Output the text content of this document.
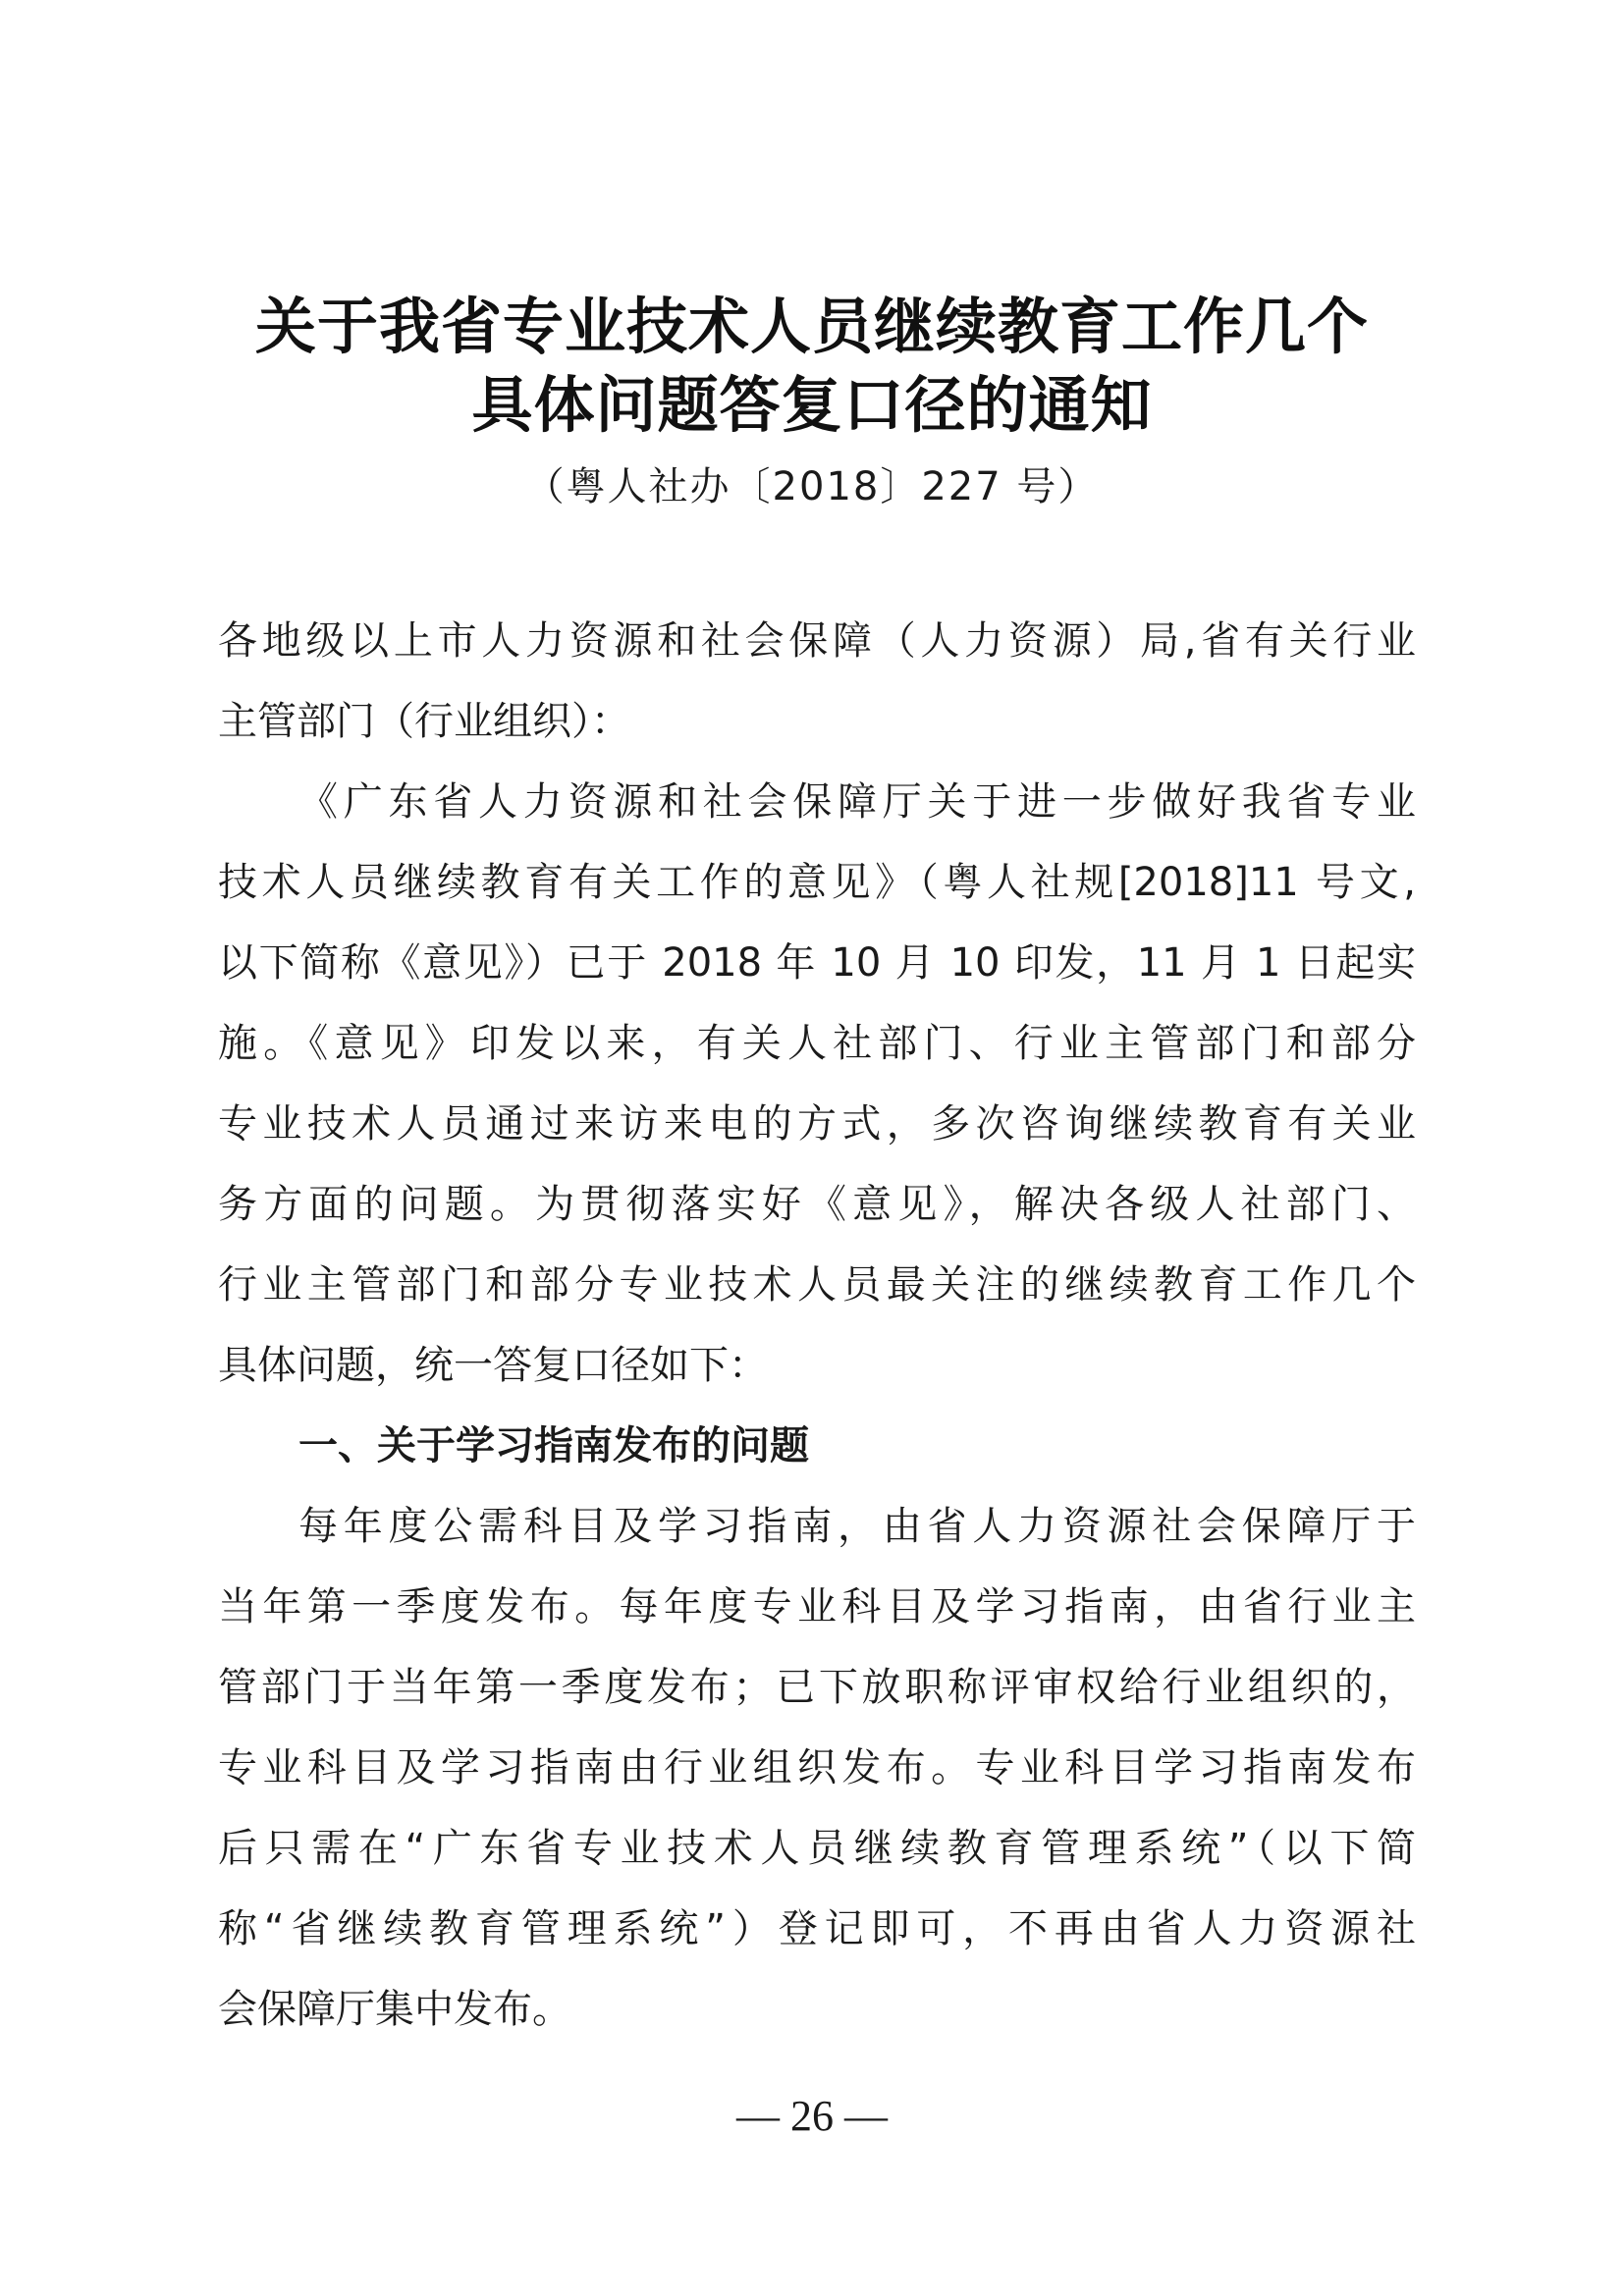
关于我省专业技术人员继续教育工作几个
具体问题答复口径的通知
（粤人社办〔2018〕227 号）
各地级以上市人力资源和社会保障（人力资源）局,省有关行业
主管部门（行业组织）：
《广东省人力资源和社会保障厅关于进一步做好我省专业
技术人员继续教育有关工作的意见》（粤人社规[2018]11 号文,
以下简称《意见》）已于 2018 年 10 月 10 印发，11 月 1 日起实
施。《意见》印发以来，有关人社部门、行业主管部门和部分
专业技术人员通过来访来电的方式，多次咨询继续教育有关业
务方面的问题。为贯彻落实好《意见》，解决各级人社部门、
行业主管部门和部分专业技术人员最关注的继续教育工作几个
具体问题，统一答复口径如下：
一、关于学习指南发布的问题
每年度公需科目及学习指南，由省人力资源社会保障厅于
当年第一季度发布。每年度专业科目及学习指南，由省行业主
管部门于当年第一季度发布；已下放职称评审权给行业组织的，
专业科目及学习指南由行业组织发布。专业科目学习指南发布
后只需在“广东省专业技术人员继续教育管理系统”（以下简
称“省继续教育管理系统”）登记即可，不再由省人力资源社
会保障厅集中发布。
— 26 —
